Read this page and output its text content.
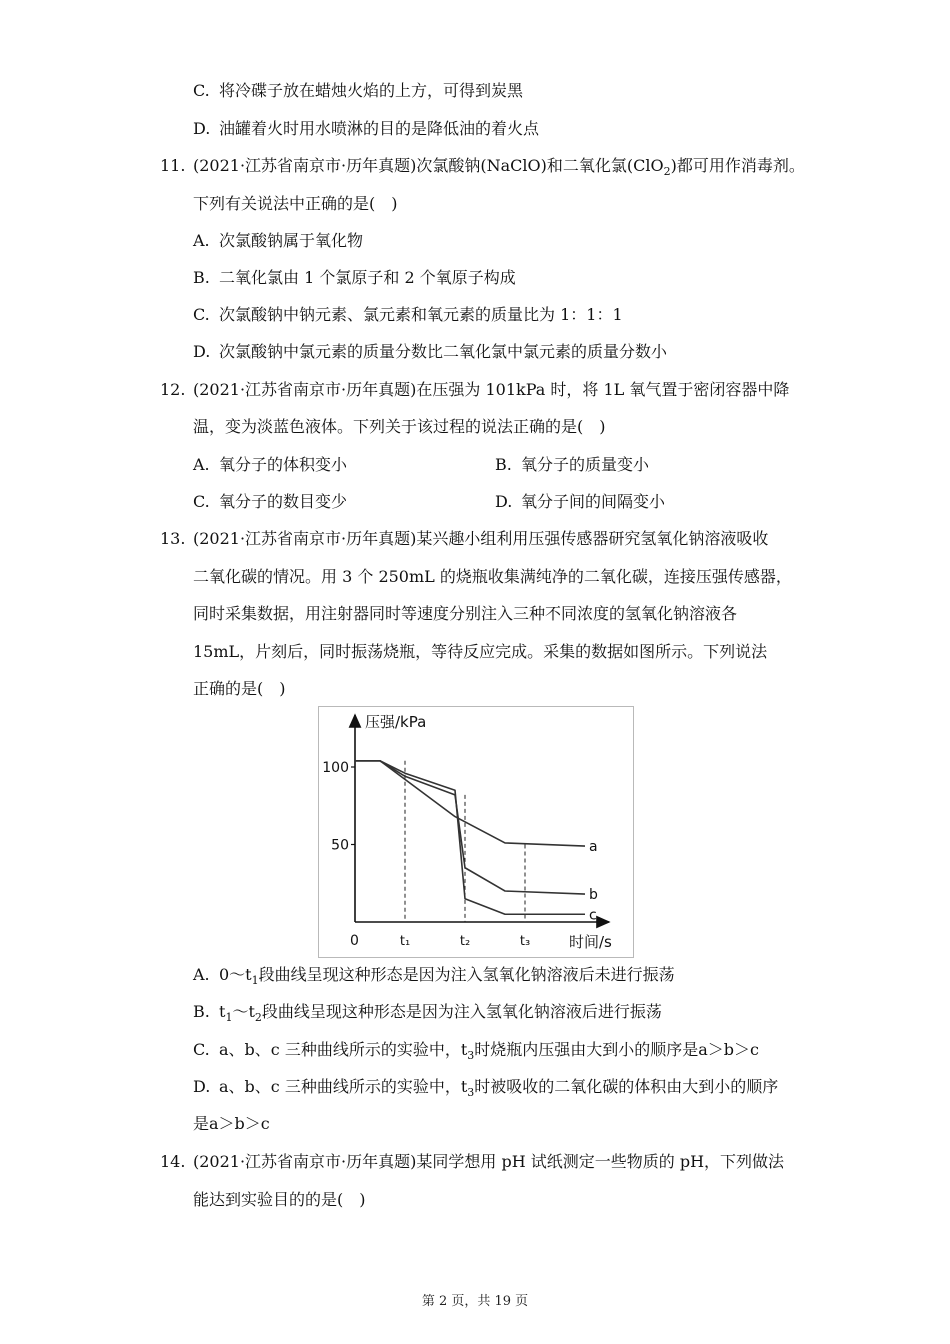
C. 将冷碟子放在蜡烛火焰的上方，可得到炭黑
D. 油罐着火时用水喷淋的目的是降低油的着火点
11. (2021·江苏省南京市·历年真题)次氯酸钠(NaClO)和二氧化氯(ClO$_2$)都可用作消毒剂。
下列有关说法中正确的是(　)
A. 次氯酸钠属于氧化物
B. 二氧化氯由 1 个氯原子和 2 个氧原子构成
C. 次氯酸钠中钠元素、氯元素和氧元素的质量比为 1：1：1
D. 次氯酸钠中氯元素的质量分数比二氧化氯中氯元素的质量分数小
12. (2021·江苏省南京市·历年真题)在压强为 101kPa 时，将 1L 氧气置于密闭容器中降
温，变为淡蓝色液体。下列关于该过程的说法正确的是(　)
A. 氧分子的体积变小	B. 氧分子的质量变小
C. 氧分子的数目变少	D. 氧分子间的间隔变小
13. (2021·江苏省南京市·历年真题)某兴趣小组利用压强传感器研究氢氧化钠溶液吸收
二氧化碳的情况。用 3 个 250mL 的烧瓶收集满纯净的二氧化碳，连接压强传感器，
同时采集数据，用注射器同时等速度分别注入三种不同浓度的氢氧化钠溶液各
15mL，片刻后，同时振荡烧瓶，等待反应完成。采集的数据如图所示。下列说法
正确的是(　)
压强/kPa
时间/s
0
100
50
t₁	t₂	t₃
a
b
c
A. $0\sim t_1$段曲线呈现这种形态是因为注入氢氧化钠溶液后未进行振荡
B. $t_1\sim t_2$段曲线呈现这种形态是因为注入氢氧化钠溶液后进行振荡
C. a、b、c 三种曲线所示的实验中，$t_3$时烧瓶内压强由大到小的顺序是a＞b＞c
D. a、b、c 三种曲线所示的实验中，$t_3$时被吸收的二氧化碳的体积由大到小的顺序
是a＞b＞c
14. (2021·江苏省南京市·历年真题)某同学想用 pH 试纸测定一些物质的 pH，下列做法
能达到实验目的的是(　)
第 2 页，共 19 页
